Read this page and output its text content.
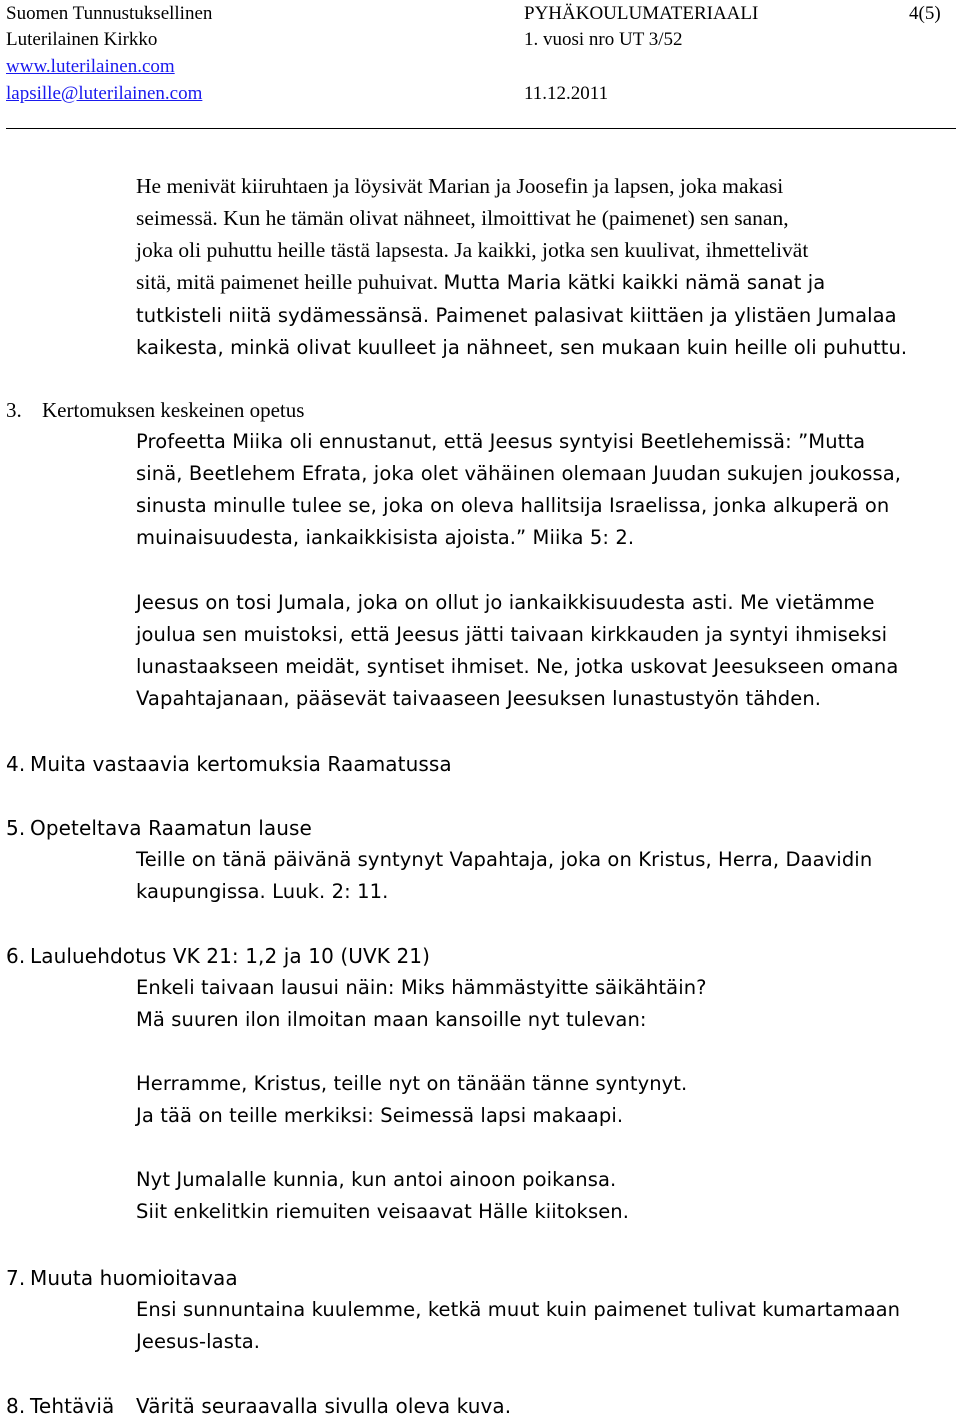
Suomen Tunnustuksellinen
Luterilainen Kirkko
www.luterilainen.com
lapsille@luterilainen.com
PYHÄKOULUMATERIAALI
1. vuosi nro UT 3/52
11.12.2011
4(5)
He menivät kiiruhtaen ja löysivät Marian ja Joosefin ja lapsen, joka makasi
seimessä. Kun he tämän olivat nähneet, ilmoittivat he (paimenet) sen sanan,
joka oli puhuttu heille tästä lapsesta. Ja kaikki, jotka sen kuulivat, ihmettelivät
sitä, mitä paimenet heille puhuivat. Mutta Maria kätki kaikki nämä sanat ja
tutkisteli niitä sydämessänsä. Paimenet palasivat kiittäen ja ylistäen Jumalaa
kaikesta, minkä olivat kuulleet ja nähneet, sen mukaan kuin heille oli puhuttu.
3. Kertomuksen keskeinen opetus
Profeetta Miika oli ennustanut, että Jeesus syntyisi Beetlehemissä: ”Mutta
sinä, Beetlehem Efrata, joka olet vähäinen olemaan Juudan sukujen joukossa,
sinusta minulle tulee se, joka on oleva hallitsija Israelissa, jonka alkuperä on
muinaisuudesta, iankaikkisista ajoista.” Miika 5: 2.
Jeesus on tosi Jumala, joka on ollut jo iankaikkisuudesta asti. Me vietämme
joulua sen muistoksi, että Jeesus jätti taivaan kirkkauden ja syntyi ihmiseksi
lunastaakseen meidät, syntiset ihmiset. Ne, jotka uskovat Jeesukseen omana
Vapahtajanaan, pääsevät taivaaseen Jeesuksen lunastustyön tähden.
4. Muita vastaavia kertomuksia Raamatussa
5. Opeteltava Raamatun lause
Teille on tänä päivänä syntynyt Vapahtaja, joka on Kristus, Herra, Daavidin
kaupungissa. Luuk. 2: 11.
6. Lauluehdotus VK 21: 1,2 ja 10 (UVK 21)
Enkeli taivaan lausui näin: Miks hämmästyitte säikähtäin?
Mä suuren ilon ilmoitan maan kansoille nyt tulevan:
Herramme, Kristus, teille nyt on tänään tänne syntynyt.
Ja tää on teille merkiksi: Seimessä lapsi makaapi.
Nyt Jumalalle kunnia, kun antoi ainoon poikansa.
Siit enkelitkin riemuiten veisaavat Hälle kiitoksen.
7. Muuta huomioitavaa
Ensi sunnuntaina kuulemme, ketkä muut kuin paimenet tulivat kumartamaan
Jeesus-lasta.
8. Tehtäviä Väritä seuraavalla sivulla oleva kuva.
